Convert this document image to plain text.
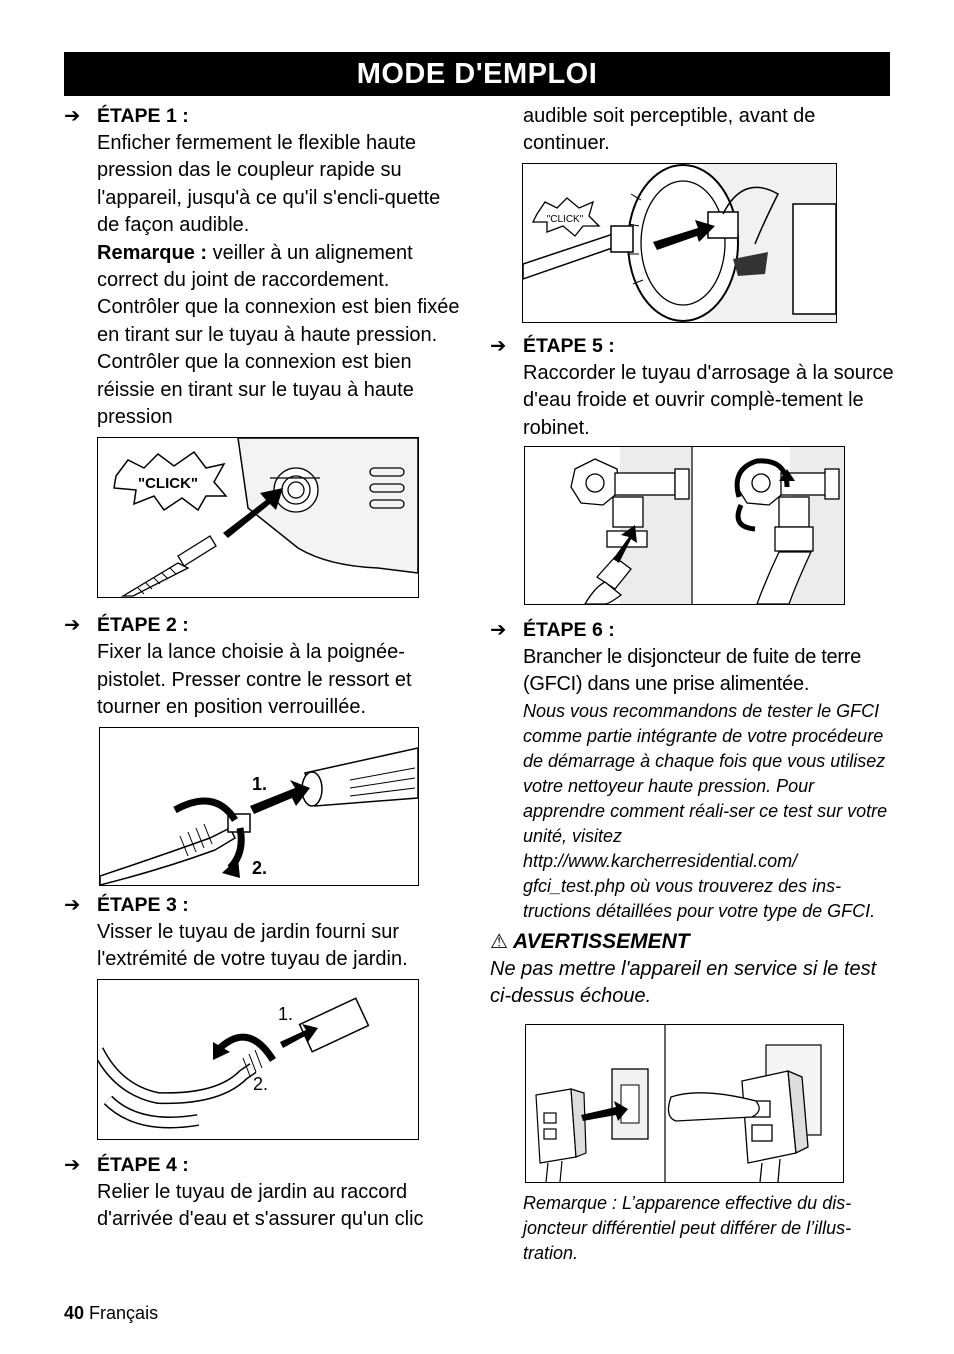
MODE D'EMPLOI
➔ ÉTAPE 1 :
Enficher fermement le flexible haute pression das le coupleur rapide su l'appareil, jusqu'à ce qu'il s'encli-quette de façon audible.
Remarque : veiller à un alignement correct du joint de raccordement.
Contrôler que la connexion est bien fixée en tirant sur le tuyau à haute pression.
Contrôler que la connexion est bien réissie en tirant sur le tuyau à haute pression
"CLICK"
➔ ÉTAPE 2 :
Fixer la lance choisie à la poignée-pistolet. Presser contre le ressort et tourner en position verrouillée.
1.
2.
➔ ÉTAPE 3 :
Visser le tuyau de jardin fourni sur l'extrémité de votre tuyau de jardin.
1.
2.
➔ ÉTAPE 4 :
Relier le tuyau de jardin au raccord d'arrivée d'eau et s'assurer qu'un clic
audible soit perceptible, avant de continuer.
"CLICK"
➔ ÉTAPE 5 :
Raccorder le tuyau d'arrosage à la source d'eau froide et ouvrir complè-tement le robinet.
➔ ÉTAPE 6 :
Brancher le disjoncteur de fuite de terre (GFCI) dans une prise alimentée.
Nous vous recommandons de tester le GFCI comme partie intégrante de votre procédeure de démarrage à chaque fois que vous utilisez votre nettoyeur haute pression. Pour apprendre comment réali-ser ce test sur votre unité, visitez http://www.karcherresidential.com/ gfci_test.php où vous trouverez des ins-tructions détaillées pour votre type de GFCI.
⚠ AVERTISSEMENT
Ne pas mettre l'appareil en service si le test ci-dessus échoue.
Remarque : L’apparence effective du dis-joncteur différentiel peut différer de l’illus-tration.
40 Français
